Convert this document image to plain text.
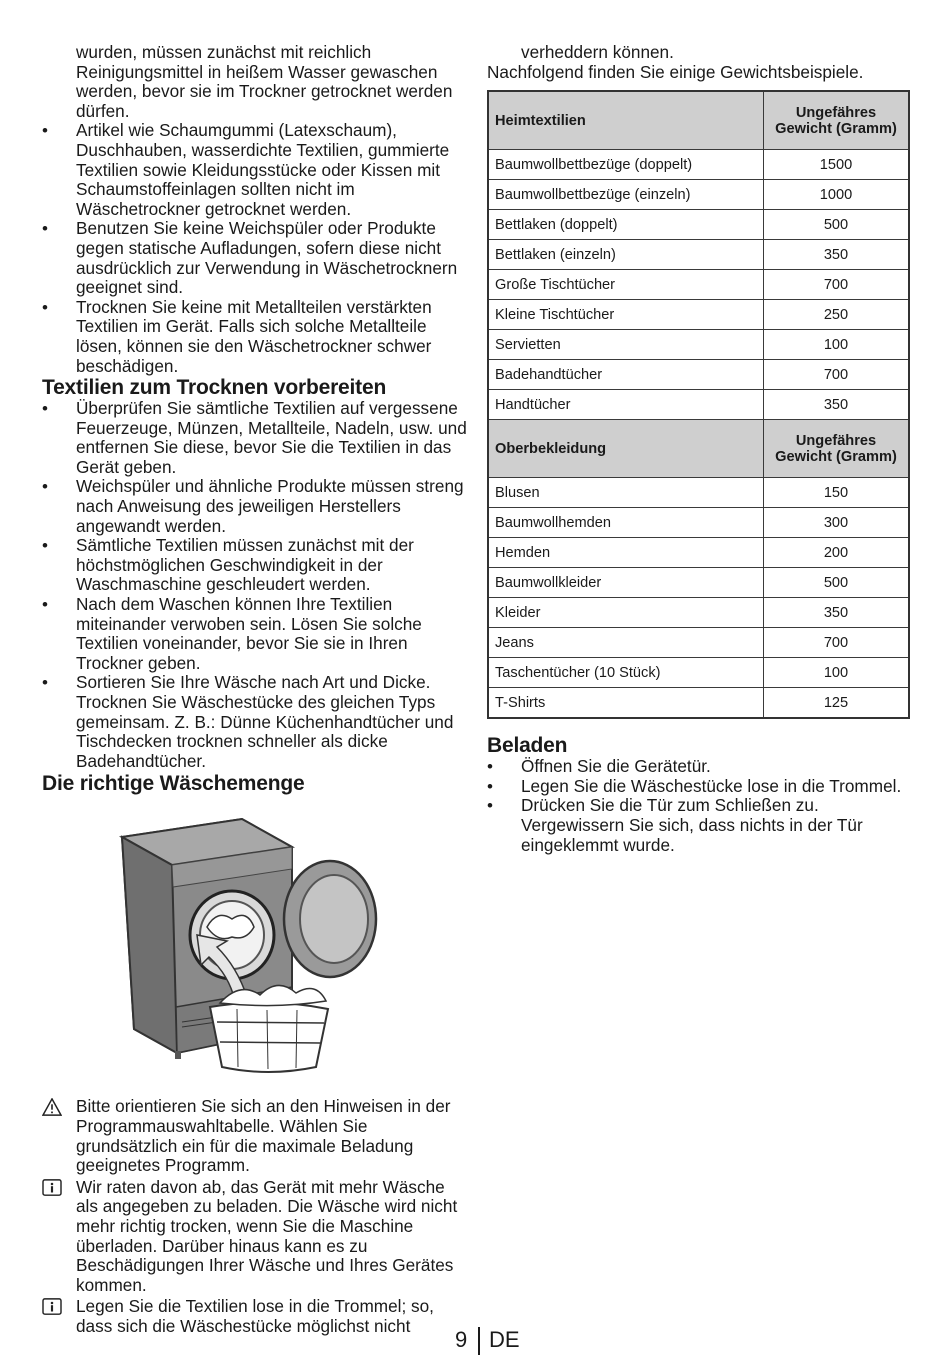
wurden, müssen zunächst mit reichlich Reinigungsmittel in heißem Wasser gewaschen werden, bevor sie im Trockner getrocknet werden dürfen.
• Artikel wie Schaumgummi (Latexschaum), Duschhauben, wasserdichte Textilien, gummierte Textilien sowie Kleidungsstücke oder Kissen mit Schaumstoffeinlagen sollten nicht im Wäschetrockner getrocknet werden.
• Benutzen Sie keine Weichspüler oder Produkte gegen statische Aufladungen, sofern diese nicht ausdrücklich zur Verwendung in Wäschetrocknern geeignet sind.
• Trocknen Sie keine mit Metallteilen verstärkten Textilien im Gerät. Falls sich solche Metallteile lösen, können sie den Wäschetrockner schwer beschädigen.
Textilien zum Trocknen vorbereiten
• Überprüfen Sie sämtliche Textilien auf vergessene Feuerzeuge, Münzen, Metallteile, Nadeln, usw. und entfernen Sie diese, bevor Sie die Textilien in das Gerät geben.
• Weichspüler und ähnliche Produkte müssen streng nach Anweisung des jeweiligen Herstellers angewandt werden.
• Sämtliche Textilien müssen zunächst mit der höchstmöglichen Geschwindigkeit in der Waschmaschine geschleudert werden.
• Nach dem Waschen können Ihre Textilien miteinander verwoben sein. Lösen Sie solche Textilien voneinander, bevor Sie sie in Ihren Trockner geben.
• Sortieren Sie Ihre Wäsche nach Art und Dicke. Trocknen Sie Wäschestücke des gleichen Typs gemeinsam. Z. B.: Dünne Küchenhandtücher und Tischdecken trocknen schneller als dicke Badehandtücher.
Die richtige Wäschemenge
Bitte orientieren Sie sich an den Hinweisen in der Programmauswahltabelle. Wählen Sie grundsätzlich ein für die maximale Beladung geeignetes Programm.
Wir raten davon ab, das Gerät mit mehr Wäsche als angegeben zu beladen. Die Wäsche wird nicht mehr richtig trocken, wenn Sie die Maschine überladen. Darüber hinaus kann es zu Beschädigungen Ihrer Wäsche und Ihres Gerätes kommen.
Legen Sie die Textilien lose in die Trommel; so, dass sich die Wäschestücke möglichst nicht
verheddern können.
Nachfolgend finden Sie einige Gewichtsbeispiele.
Heimtextilien	Ungefähres Gewicht (Gramm)
Baumwollbettbezüge (doppelt)	1500
Baumwollbettbezüge (einzeln)	1000
Bettlaken (doppelt)	500
Bettlaken (einzeln)	350
Große Tischtücher	700
Kleine Tischtücher	250
Servietten	100
Badehandtücher	700
Handtücher	350
Oberbekleidung	Ungefähres Gewicht (Gramm)
Blusen	150
Baumwollhemden	300
Hemden	200
Baumwollkleider	500
Kleider	350
Jeans	700
Taschentücher (10 Stück)	100
T-Shirts	125
Beladen
• Öffnen Sie die Gerätetür.
• Legen Sie die Wäschestücke lose in die Trommel.
• Drücken Sie die Tür zum Schließen zu. Vergewissern Sie sich, dass nichts in der Tür eingeklemmt wurde.
9 DE
